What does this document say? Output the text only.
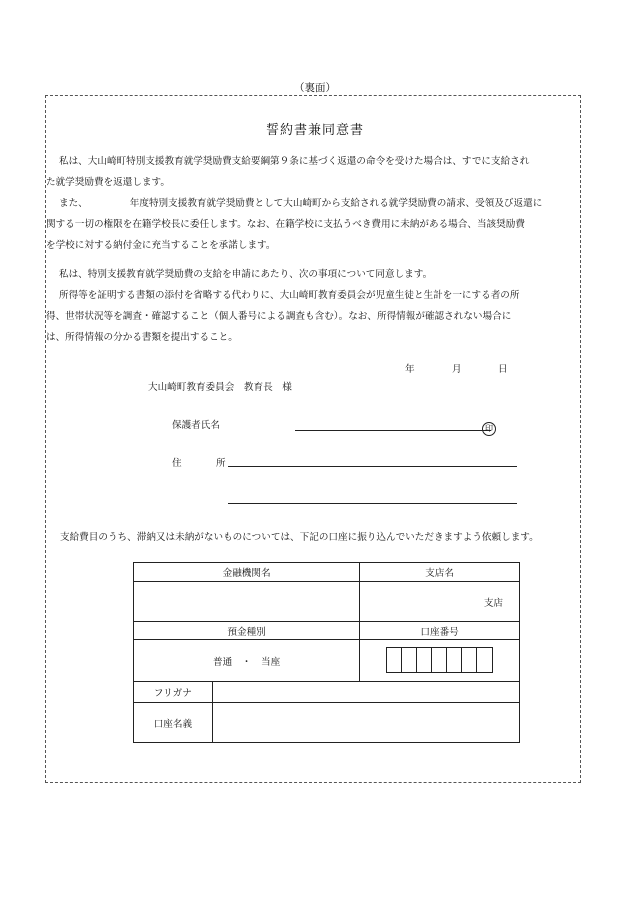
（裏面）
誓約書兼同意書
私は、大山崎町特別支援教育就学奨励費支給要綱第９条に基づく返還の命令を受けた場合は、すでに支給され
た就学奨励費を返還します。
また、	年度特別支援教育就学奨励費として大山崎町から支給される就学奨励費の請求、受領及び返還に
関する一切の権限を在籍学校長に委任します。なお、在籍学校に支払うべき費用に未納がある場合、当該奨励費
を学校に対する納付金に充当することを承諾します。
私は、特別支援教育就学奨励費の支給を申請にあたり、次の事項について同意します。
所得等を証明する書類の添付を省略する代わりに、大山崎町教育委員会が児童生徒と生計を一にする者の所
得、世帯状況等を調査・確認すること（個人番号による調査も含む）。なお、所得情報が確認されない場合に
は、所得情報の分かる書類を提出すること。
年	月	日
大山崎町教育委員会　教育長　様
保護者氏名	印
住	所
支給費目のうち、滞納又は未納がないものについては、下記の口座に振り込んでいただきますよう依頼します。
金融機関名		支店名
		支店
預金種別		口座番号
普通　・　当座		

フリガナ		
口座名義		
